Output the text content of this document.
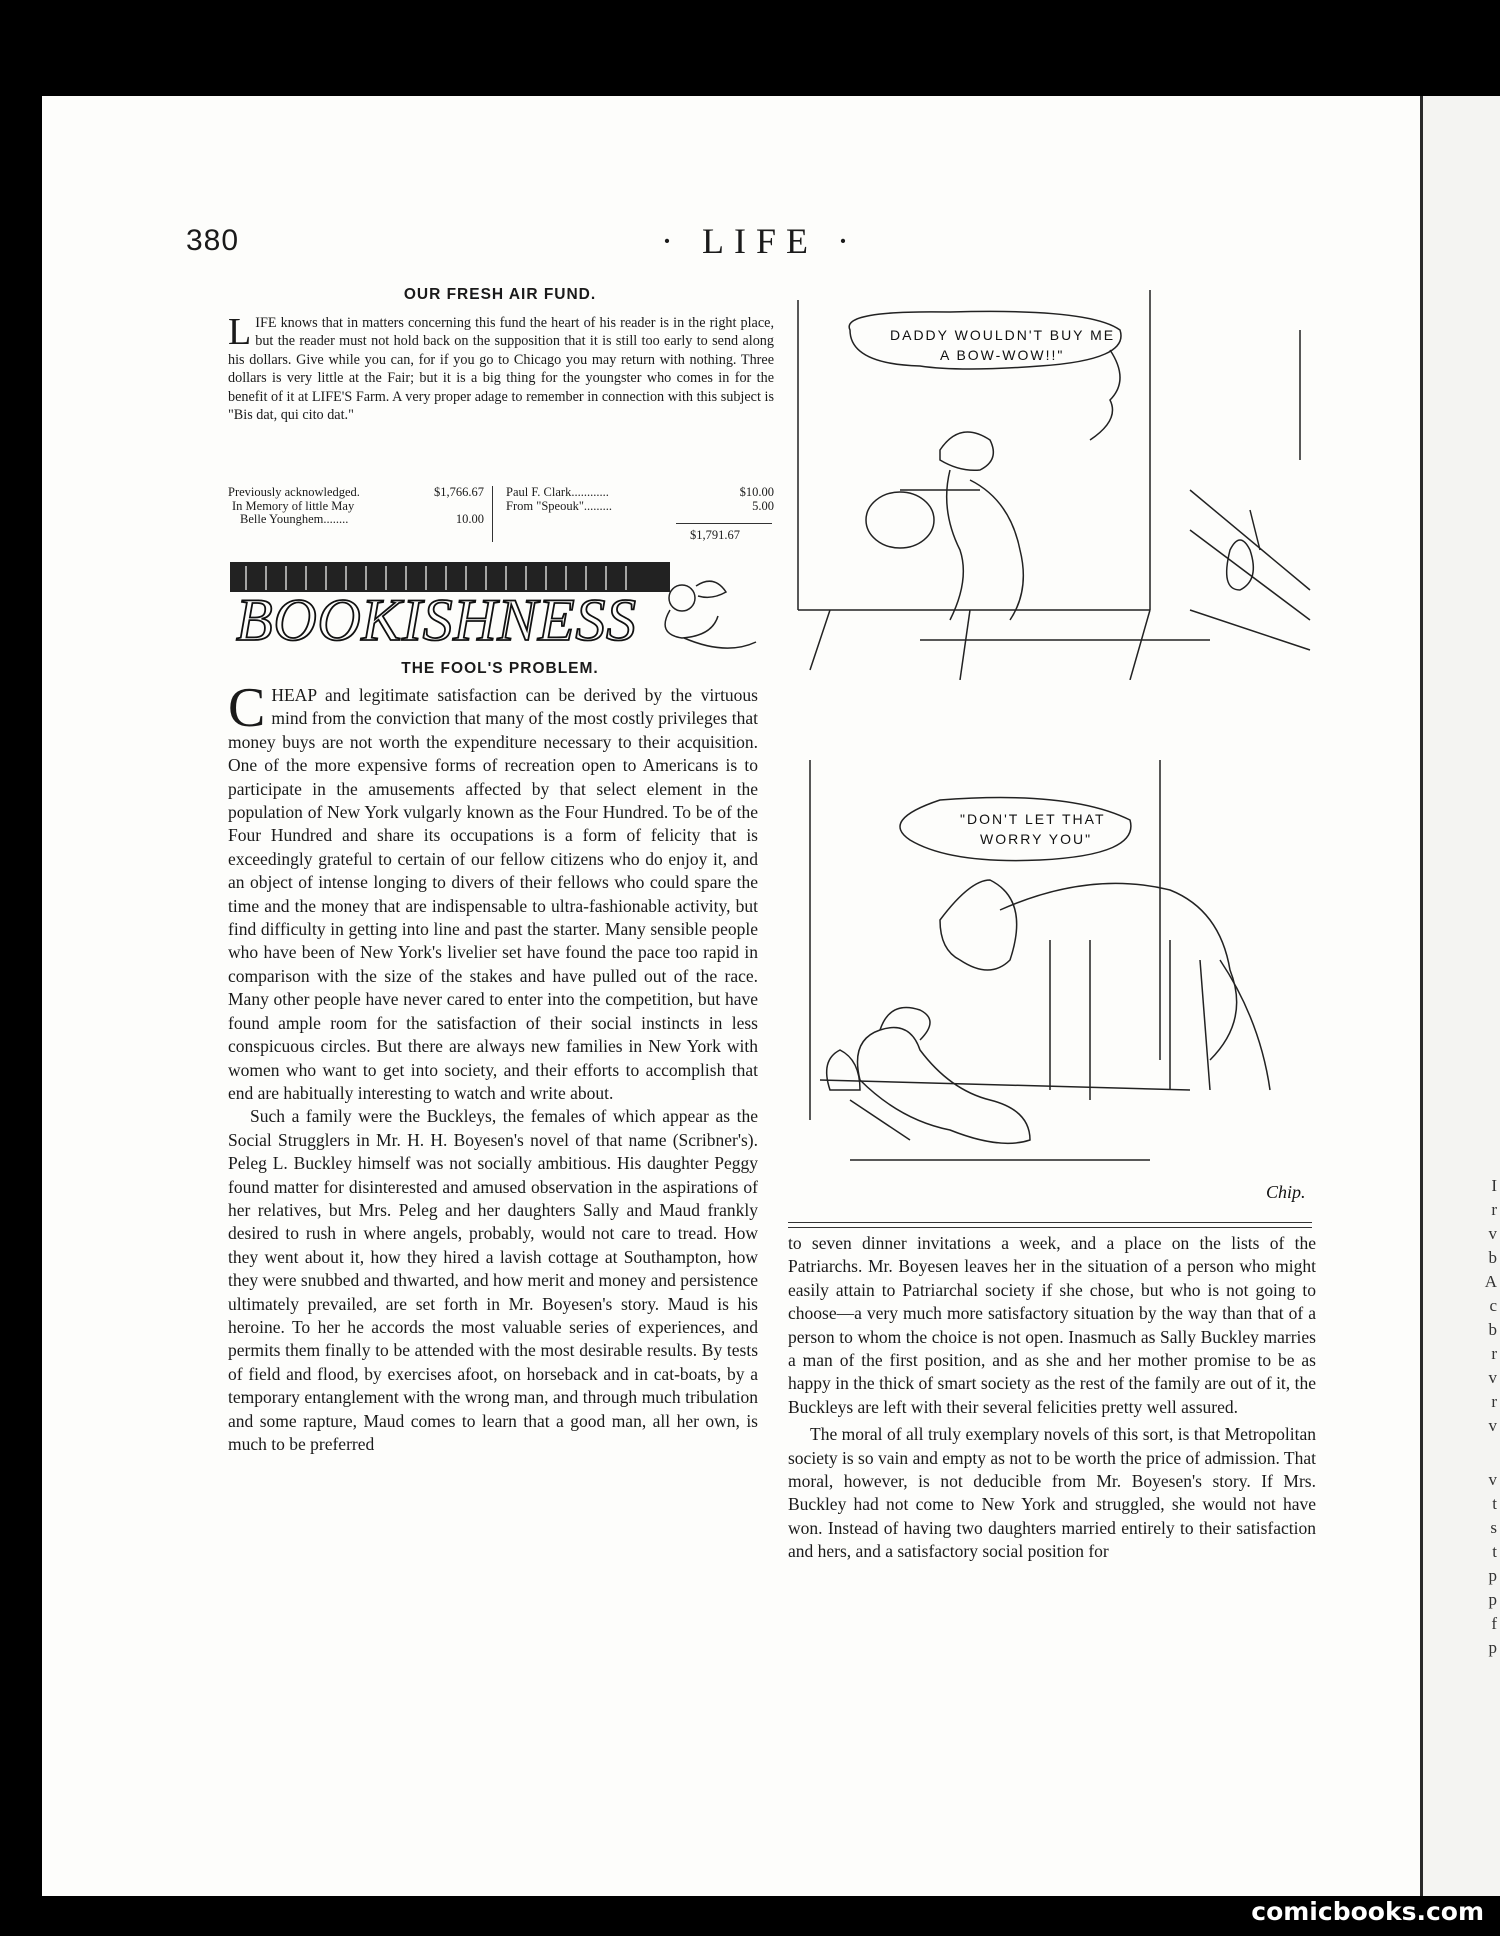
I
r
v
b
A
c
b
r
v
r
v
v
t
s
t
p
p
f
p
380	· LIFE ·
OUR FRESH AIR FUND.
LIFE knows that in matters concerning this fund the heart of his reader is in the right place, but the reader must not hold back on the supposition that it is still too early to send along his dollars. Give while you can, for if you go to Chicago you may return with nothing. Three dollars is very little at the Fair; but it is a big thing for the youngster who comes in for the benefit of it at LIFE'S Farm. A very proper adage to remember in connection with this subject is "Bis dat, qui cito dat."
Previously acknowledged.	$1,766.67
In Memory of little May
Belle Younghem........	10.00
Paul F. Clark............	$10.00
From "Speouk".........	5.00
$1,791.67
BOOKISHNESS
THE FOOL'S PROBLEM.

CHEAP and legitimate satisfaction can be derived by the virtuous mind from the conviction that many of the most costly privileges that money buys are not worth the expenditure necessary to their acquisition. One of the more expensive forms of recreation open to Americans is to participate in the amusements affected by that select element in the population of New York vulgarly known as the Four Hundred. To be of the Four Hundred and share its occupations is a form of felicity that is exceedingly grateful to certain of our fellow citizens who do enjoy it, and an object of intense longing to divers of their fellows who could spare the time and the money that are indispensable to ultra-fashionable activity, but find difficulty in getting into line and past the starter. Many sensible people who have been of New York's livelier set have found the pace too rapid in comparison with the size of the stakes and have pulled out of the race. Many other people have never cared to enter into the competition, but have found ample room for the satisfaction of their social instincts in less conspicuous circles. But there are always new families in New York with women who want to get into society, and their efforts to accomplish that end are habitually interesting to watch and write about.

Such a family were the Buckleys, the females of which appear as the Social Strugglers in Mr. H. H. Boyesen's novel of that name (Scribner's). Peleg L. Buckley himself was not socially ambitious. His daughter Peggy found matter for disinterested and amused observation in the aspirations of her relatives, but Mrs. Peleg and her daughters Sally and Maud frankly desired to rush in where angels, probably, would not care to tread. How they went about it, how they hired a lavish cottage at Southampton, how they were snubbed and thwarted, and how merit and money and persistence ultimately prevailed, are set forth in Mr. Boyesen's story. Maud is his heroine. To her he accords the most valuable series of experiences, and permits them finally to be attended with the most desirable results. By tests of field and flood, by exercises afoot, on horseback and in cat-boats, by a temporary entanglement with the wrong man, and through much tribulation and some rapture, Maud comes to learn that a good man, all her own, is much to be preferred

to seven dinner invitations a week, and a place on the lists of the Patriarchs. Mr. Boyesen leaves her in the situation of a person who might easily attain to Patriarchal society if she chose, but who is not going to choose—a very much more satisfactory situation by the way than that of a person to whom the choice is not open. Inasmuch as Sally Buckley marries a man of the first position, and as she and her mother promise to be as happy in the thick of smart society as the rest of the family are out of it, the Buckleys are left with their several felicities pretty well assured.

The moral of all truly exemplary novels of this sort, is that Metropolitan society is so vain and empty as not to be worth the price of admission. That moral, however, is not deducible from Mr. Boyesen's story. If Mrs. Buckley had not come to New York and struggled, she would not have won. Instead of having two daughters married entirely to their satisfaction and hers, and a satisfactory social position for

DADDY WOULDN'T BUY ME
A BOW-WOW!!"
"DON'T LET THAT
WORRY YOU"
Chip.
comicbooks.com
